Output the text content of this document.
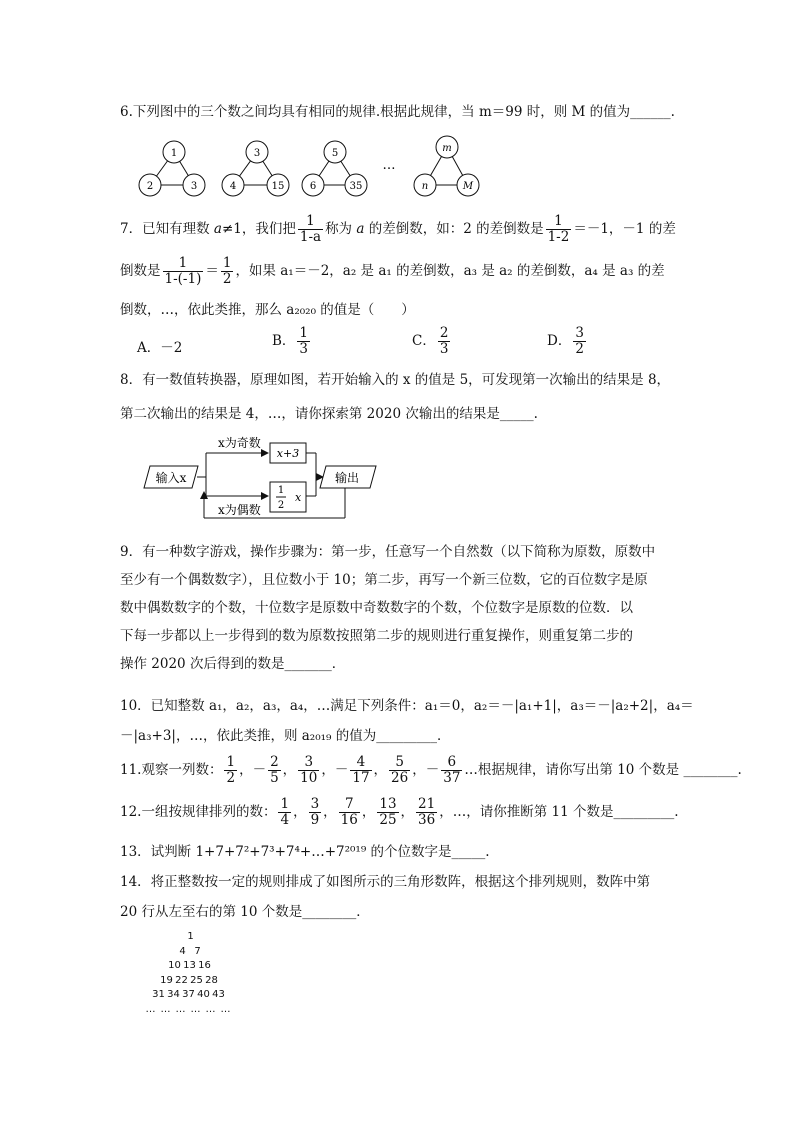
6.下列图中的三个数之间均具有相同的规律.根据此规律，当 m＝99 时，则 M 的值为______.
1
2	3
3
4	15
5
6	35
…
m
n	M
7．已知有理数 a≠1，我们把 $\frac{1}{1-a}$ 称为 a 的差倒数，如：2 的差倒数是 $\frac{1}{1-2} =-1$，－1 的差
倒数是 $\frac{1}{1-(-1)} = \frac{1}{2}$ ，如果 a₁＝－2，a₂ 是 a₁ 的差倒数，a₃ 是 a₂ 的差倒数，a₄ 是 a₃ 的差
倒数，…，依此类推，那么 a₂₀₂₀ 的值是（　　）
A．－2	B． $\frac{1}{3}$	C． $\frac{2}{3}$	D． $\frac{3}{2}$
8．有一数值转换器，原理如图，若开始输入的 x 的值是 5，可发现第一次输出的结果是 8，
第二次输出的结果是 4，…，请你探索第 2020 次输出的结果是_____.
输入x
x为奇数
x+3
1
2
x
输出
x为偶数
9．有一种数字游戏，操作步骤为：第一步，任意写一个自然数（以下简称为原数，原数中
至少有一个偶数数字），且位数小于 10；第二步，再写一个新三位数，它的百位数字是原
数中偶数数字的个数，十位数字是原数中奇数数字的个数，个位数字是原数的位数．以
下每一步都以上一步得到的数为原数按照第二步的规则进行重复操作，则重复第二步的
操作 2020 次后得到的数是_______．
10．已知整数 a₁，a₂，a₃，a₄，…满足下列条件：a₁＝0，a₂＝－|a₁+1|，a₃＝－|a₂+2|，a₄＝
－|a₃+3|，…，依此类推，则 a₂₀₁₉ 的值为_________．
11.观察一列数： $\frac{1}{2}$ ，－ $\frac{2}{5}$ ， $\frac{3}{10}$ ，－ $\frac{4}{17}$ ， $\frac{5}{26}$ ，－ $\frac{6}{37}$ …根据规律，请你写出第 10 个数是 ________.
12.一组按规律排列的数： $\frac{1}{4}$ ， $\frac{3}{9}$ ， $\frac{7}{16}$ ， $\frac{13}{25}$ ， $\frac{21}{36}$ ，…，请你推断第 11 个数是_________.
13．试判断 1+7+7²+7³+7⁴+…+7²⁰¹⁹ 的个位数字是_____.
14．将正整数按一定的规则排成了如图所示的三角形数阵，根据这个排列规则，数阵中第
20 行从左至右的第 10 个数是________．
1
4 7
10 13 16
19 22 25 28
31 34 37 40 43
… … … … … …
